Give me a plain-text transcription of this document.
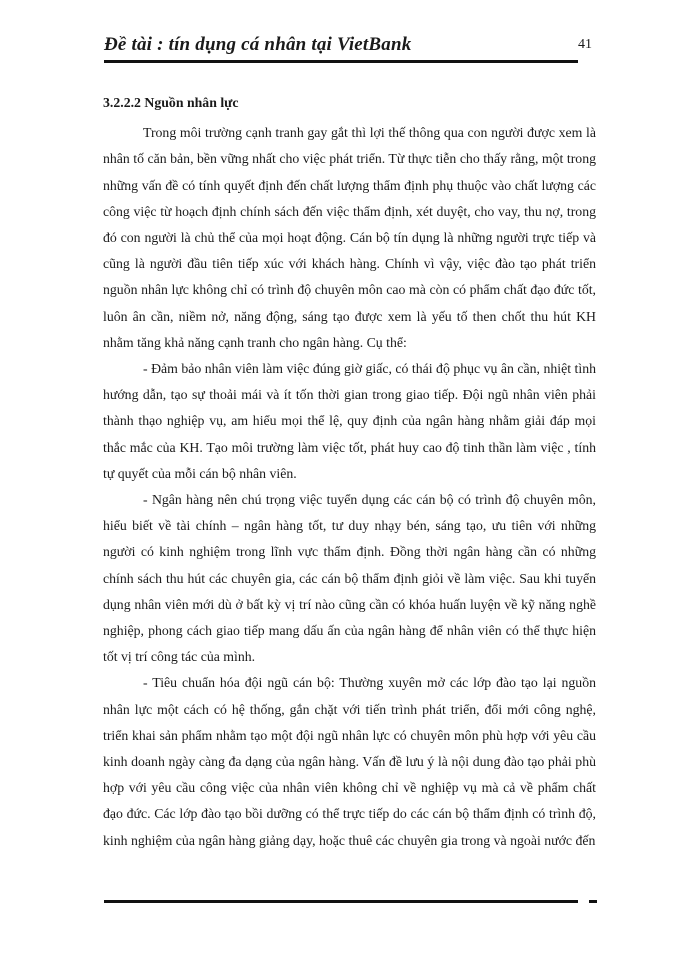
Đề tài : tín dụng cá nhân tại VietBank	41

3.2.2.2 Nguồn nhân lực

Trong môi trường cạnh tranh gay gắt thì lợi thế thông qua con người được xem là nhân tố căn bản, bền vững nhất cho việc phát triển. Từ thực tiễn cho thấy rằng, một trong những vấn đề có tính quyết định đến chất lượng thẩm định phụ thuộc vào chất lượng các công việc từ hoạch định chính sách đến việc thẩm định, xét duyệt, cho vay, thu nợ, trong đó con người là chủ thể của mọi hoạt động. Cán bộ tín dụng là những người trực tiếp và cũng là người đầu tiên tiếp xúc với khách hàng. Chính vì vậy, việc đào tạo phát triển nguồn nhân lực không chỉ có trình độ chuyên môn cao mà còn có phẩm chất đạo đức tốt, luôn ân cần, niềm nở, năng động, sáng tạo được xem là yếu tố then chốt thu hút KH nhằm tăng khả năng cạnh tranh cho ngân hàng. Cụ thể:

- Đảm bảo nhân viên làm việc đúng giờ giấc, có thái độ phục vụ ân cần, nhiệt tình hướng dẫn, tạo sự thoải mái và ít tốn thời gian trong giao tiếp. Đội ngũ nhân viên phải thành thạo nghiệp vụ, am hiểu mọi thể lệ, quy định của ngân hàng nhằm giải đáp mọi thắc mắc của KH. Tạo môi trường làm việc tốt, phát huy cao độ tinh thần làm việc , tính tự quyết của mỗi cán bộ nhân viên.

- Ngân hàng nên chú trọng việc tuyển dụng các cán bộ có trình độ chuyên môn, hiểu biết về tài chính – ngân hàng tốt, tư duy nhạy bén, sáng tạo, ưu tiên với những người có kinh nghiệm trong lĩnh vực thẩm định. Đồng thời ngân hàng cần có những chính sách thu hút các chuyên gia, các cán bộ thẩm định giỏi về làm việc. Sau khi tuyển dụng nhân viên mới dù ở bất kỳ vị trí nào cũng cần có khóa huấn luyện về kỹ năng nghề nghiệp, phong cách giao tiếp mang dấu ấn của ngân hàng để nhân viên có thể thực hiện tốt vị trí công tác của mình.

- Tiêu chuẩn hóa đội ngũ cán bộ: Thường xuyên mở các lớp đào tạo lại nguồn nhân lực một cách có hệ thống, gắn chặt với tiến trình phát triển, đổi mới công nghệ, triển khai sản phẩm nhằm tạo một đội ngũ nhân lực có chuyên môn phù hợp với yêu cầu kinh doanh ngày càng đa dạng của ngân hàng. Vấn đề lưu ý là nội dung đào tạo phải phù hợp với yêu cầu công việc của nhân viên không chỉ về nghiệp vụ mà cả về phẩm chất đạo đức. Các lớp đào tạo bồi dưỡng có thể trực tiếp do các cán bộ thẩm định có trình độ, kinh nghiệm của ngân hàng giảng dạy, hoặc thuê các chuyên gia trong và ngoài nước đến
